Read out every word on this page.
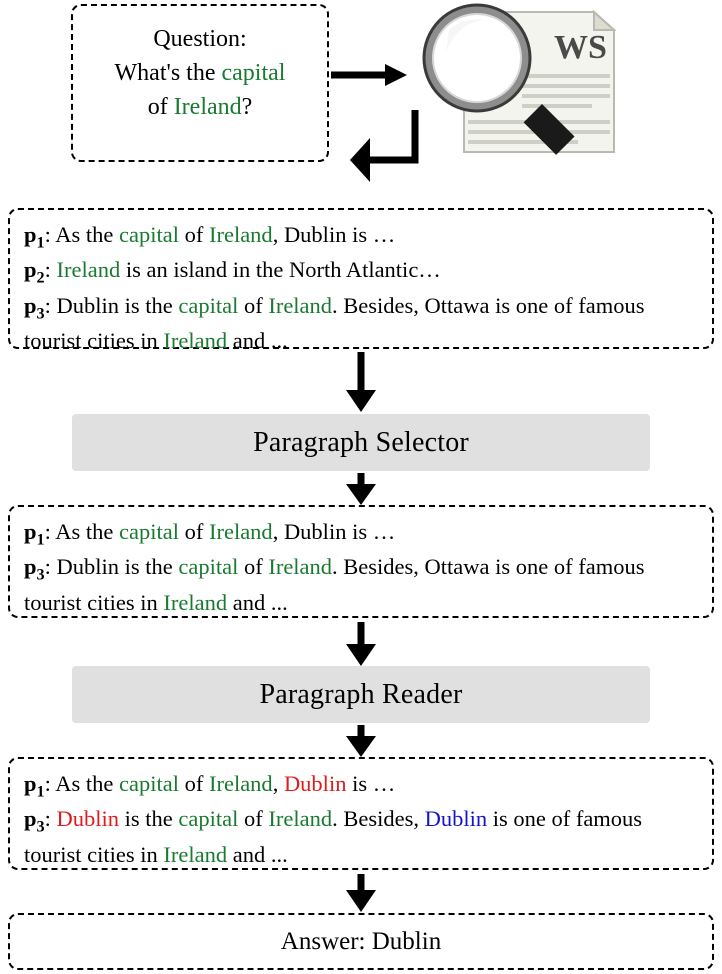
Question:
What's the capital
of Ireland?
WS
$p_1$: As the capital of Ireland, Dublin is …
$p_2$: Ireland is an island in the North Atlantic…
$p_3$: Dublin is the capital of Ireland. Besides, Ottawa is one of famous tourist cities in Ireland and ...
Paragraph Selector
$p_1$: As the capital of Ireland, Dublin is …
$p_3$: Dublin is the capital of Ireland. Besides, Ottawa is one of famous tourist cities in Ireland and ...
Paragraph Reader
$p_1$: As the capital of Ireland, Dublin is …
$p_3$: Dublin is the capital of Ireland. Besides, Dublin is one of famous tourist cities in Ireland and ...
Answer: Dublin
